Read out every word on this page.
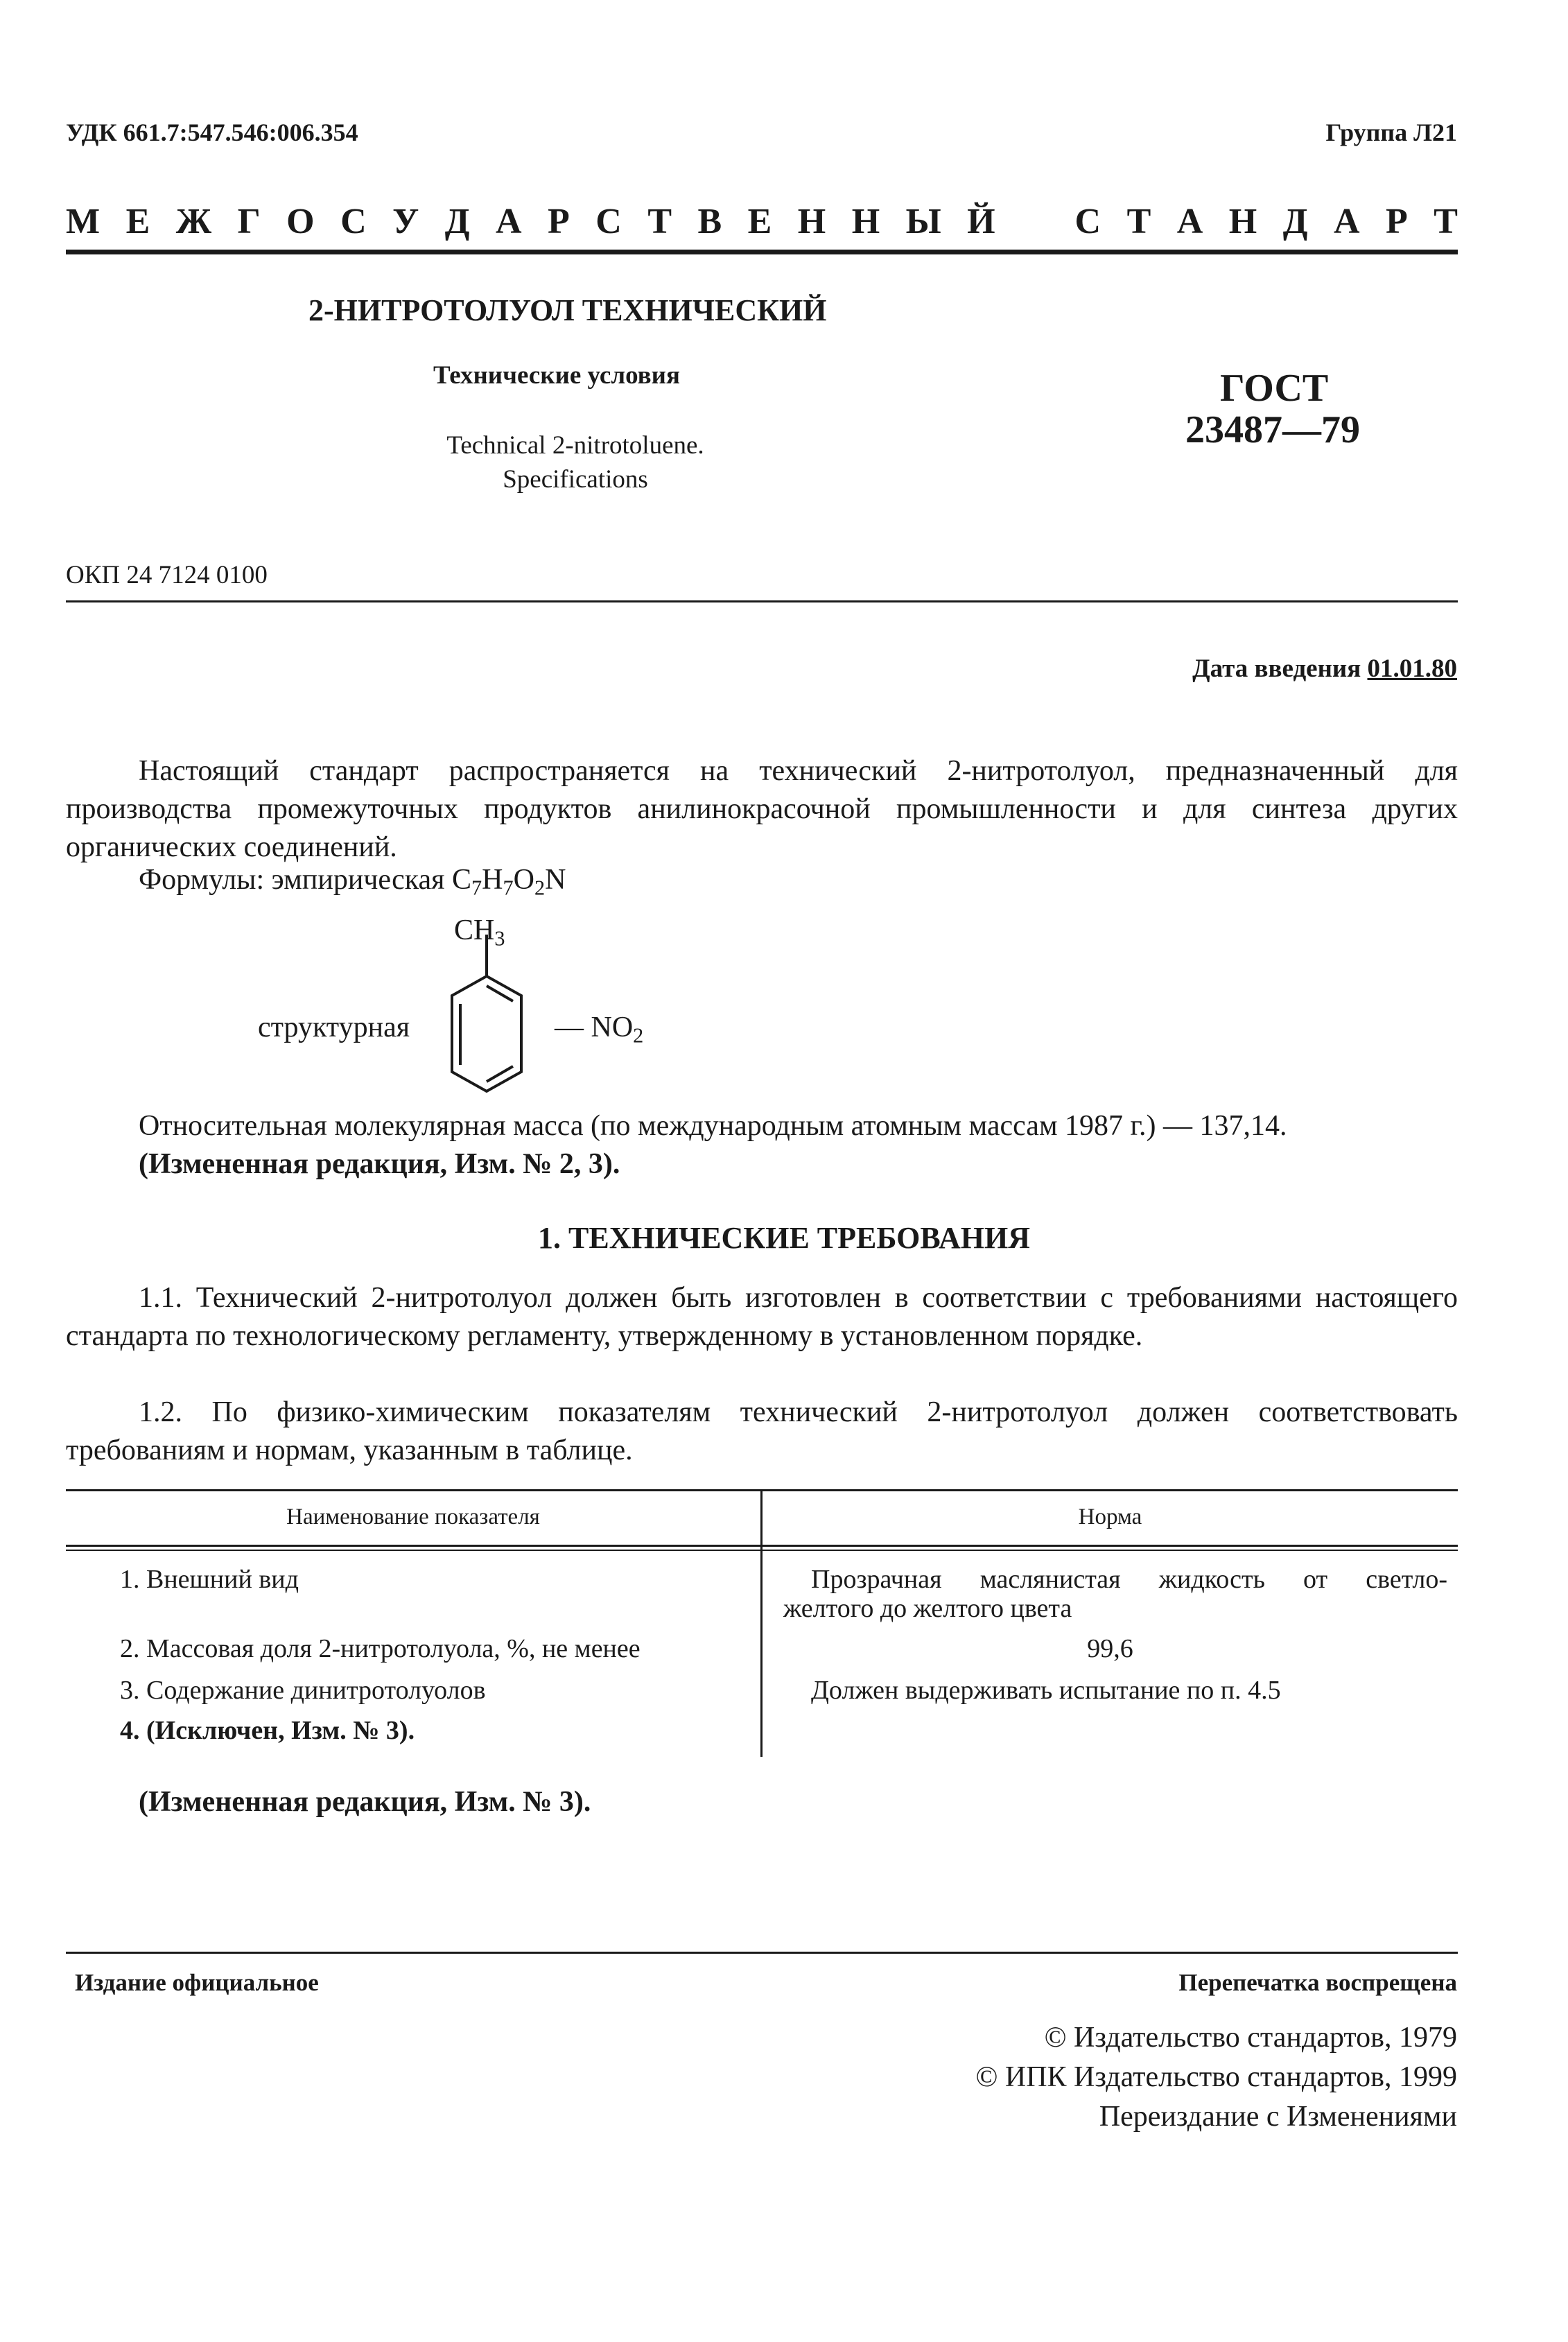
УДК 661.7:547.546:006.354	Группа Л21
М Е Ж Г О С У Д А Р С Т В Е Н Н Ы Й С Т А Н Д А Р Т
2-НИТРОТОЛУОЛ ТЕХНИЧЕСКИЙ
Технические условия
Technical 2-nitrotoluene.
Specifications
ГОСТ
23487—79
ОКП 24 7124 0100
Дата введения 01.01.80

Настоящий стандарт распространяется на технический 2-нитротолуол, предназначенный для производства промежуточных продуктов анилинокрасочной промышленности и для синтеза других органических соединений.

Формулы: эмпирическая $C_7H_7O_2N$
структурная
$CH_3$
— $NO_2$
Относительная молекулярная масса (по международным атомным массам 1987 г.) — 137,14.
(Измененная редакция, Изм. № 2, 3).
1. ТЕХНИЧЕСКИЕ ТРЕБОВАНИЯ

1.1. Технический 2-нитротолуол должен быть изготовлен в соответствии с требованиями настоящего стандарта по технологическому регламенту, утвержденному в установленном порядке.

1.2. По физико-химическим показателям технический 2-нитротолуол должен соответствовать требованиям и нормам, указанным в таблице.

Наименование показателя	Норма
1. Внешний вид	Прозрачная маслянистая жидкость от светло-
желтого до желтого цвета
2. Массовая доля 2-нитротолуола, %, не менее	99,6
3. Содержание динитротолуолов	Должен выдерживать испытание по п. 4.5
4. (Исключен, Изм. № 3).
(Измененная редакция, Изм. № 3).
Издание официальное	Перепечатка воспрещена
© Издательство стандартов, 1979
© ИПК Издательство стандартов, 1999
Переиздание с Изменениями
